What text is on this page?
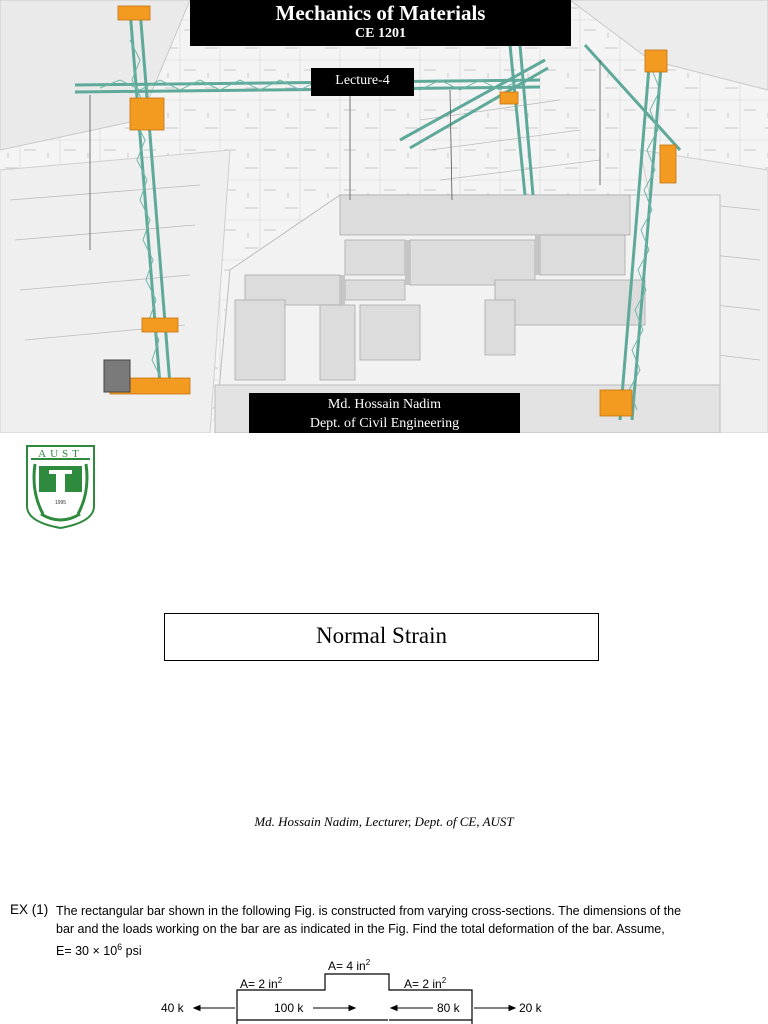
Mechanics of Materials
CE 1201
Lecture-4
Md. Hossain Nadim
Dept. of Civil Engineering
AUST
1995
Normal Strain
Md. Hossain Nadim, Lecturer, Dept. of CE, AUST
EX (1) The rectangular bar shown in the following Fig. is constructed from varying cross-sections. The dimensions of the
bar and the loads working on the bar are as indicated in the Fig. Find the total deformation of the bar. Assume,
$E= 30 \times 10^6$ psi
A= 2 $in^2$
A= 4 $in^2$
A= 2 $in^2$
40 k	100 k	80 k	20 k
